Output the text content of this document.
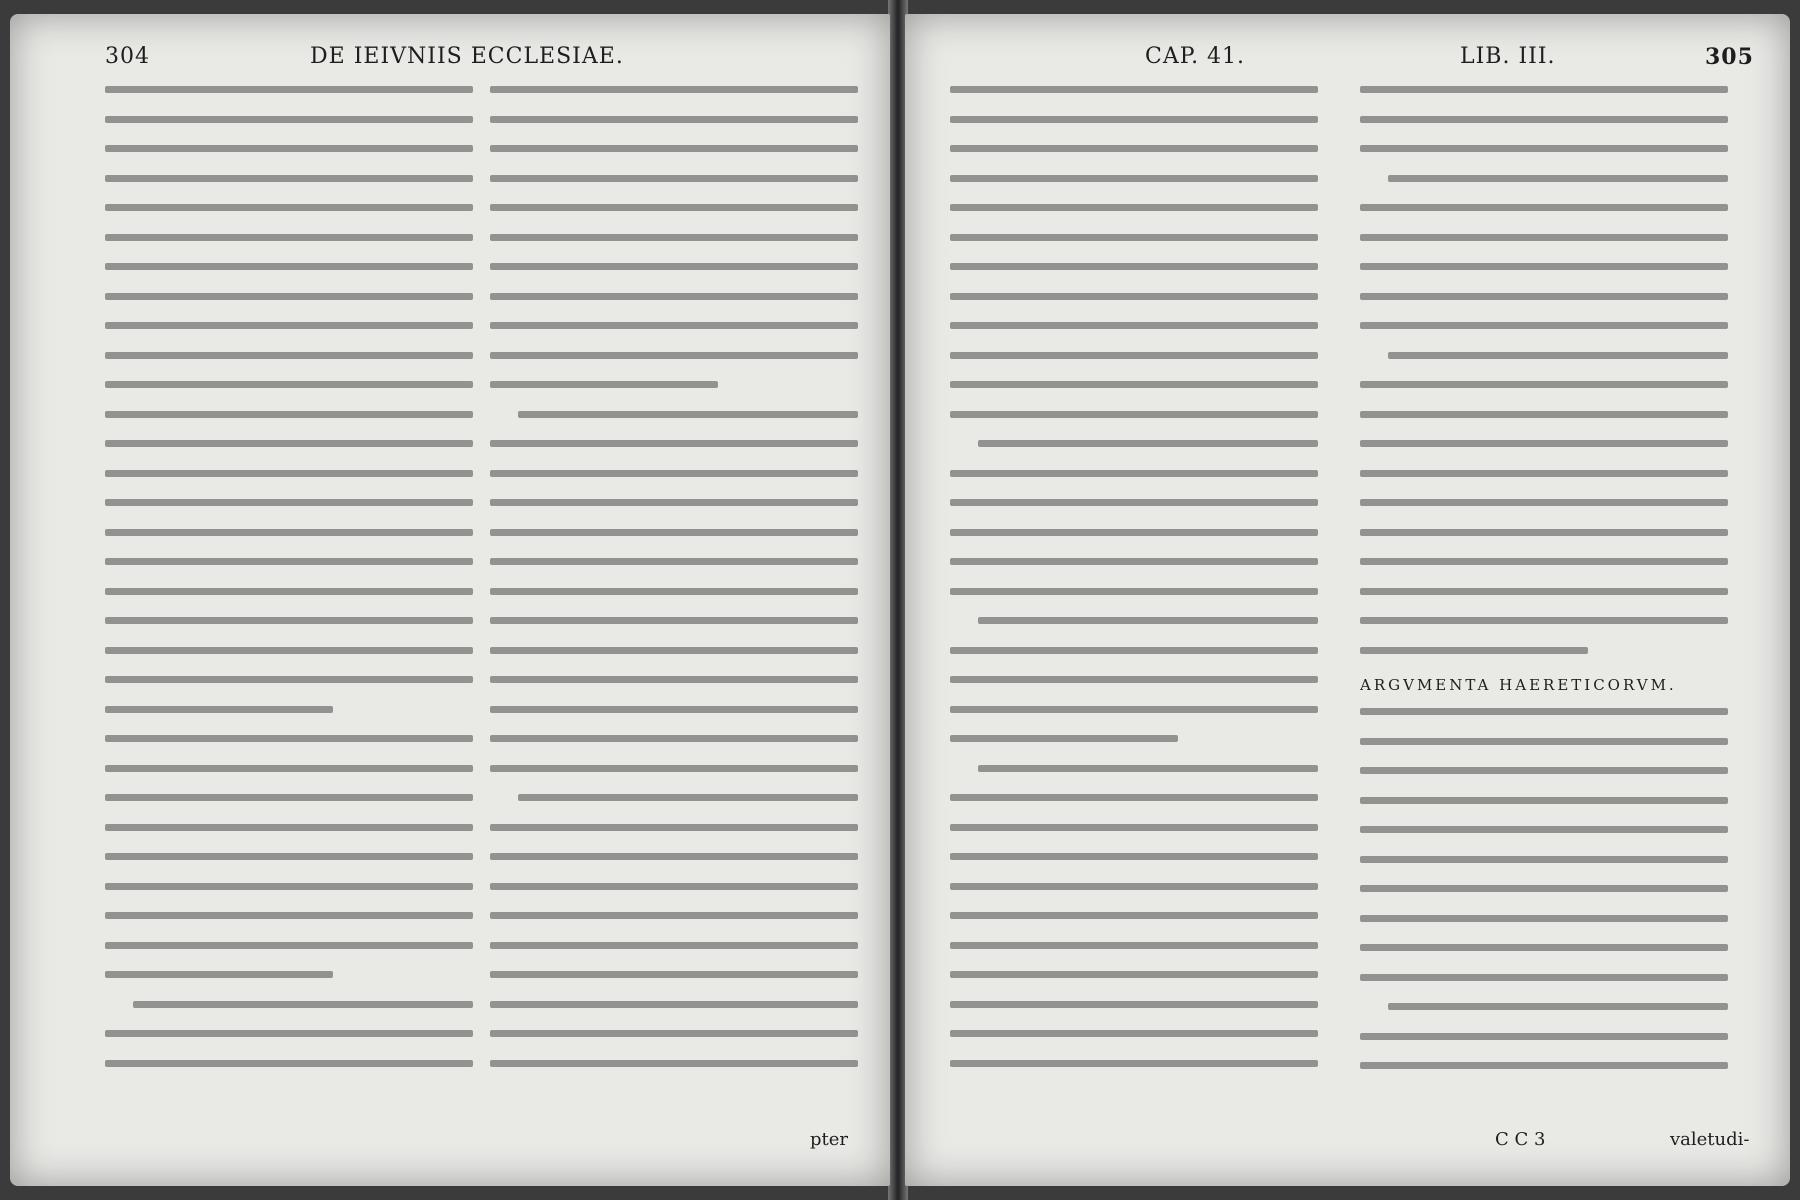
304	DE IEIVNIIS ECCLESIAE.
pter
CAP. 41.	LIB. III.	305
ARGVMENTA HAERETICORVM.
C C 3	valetudi-
